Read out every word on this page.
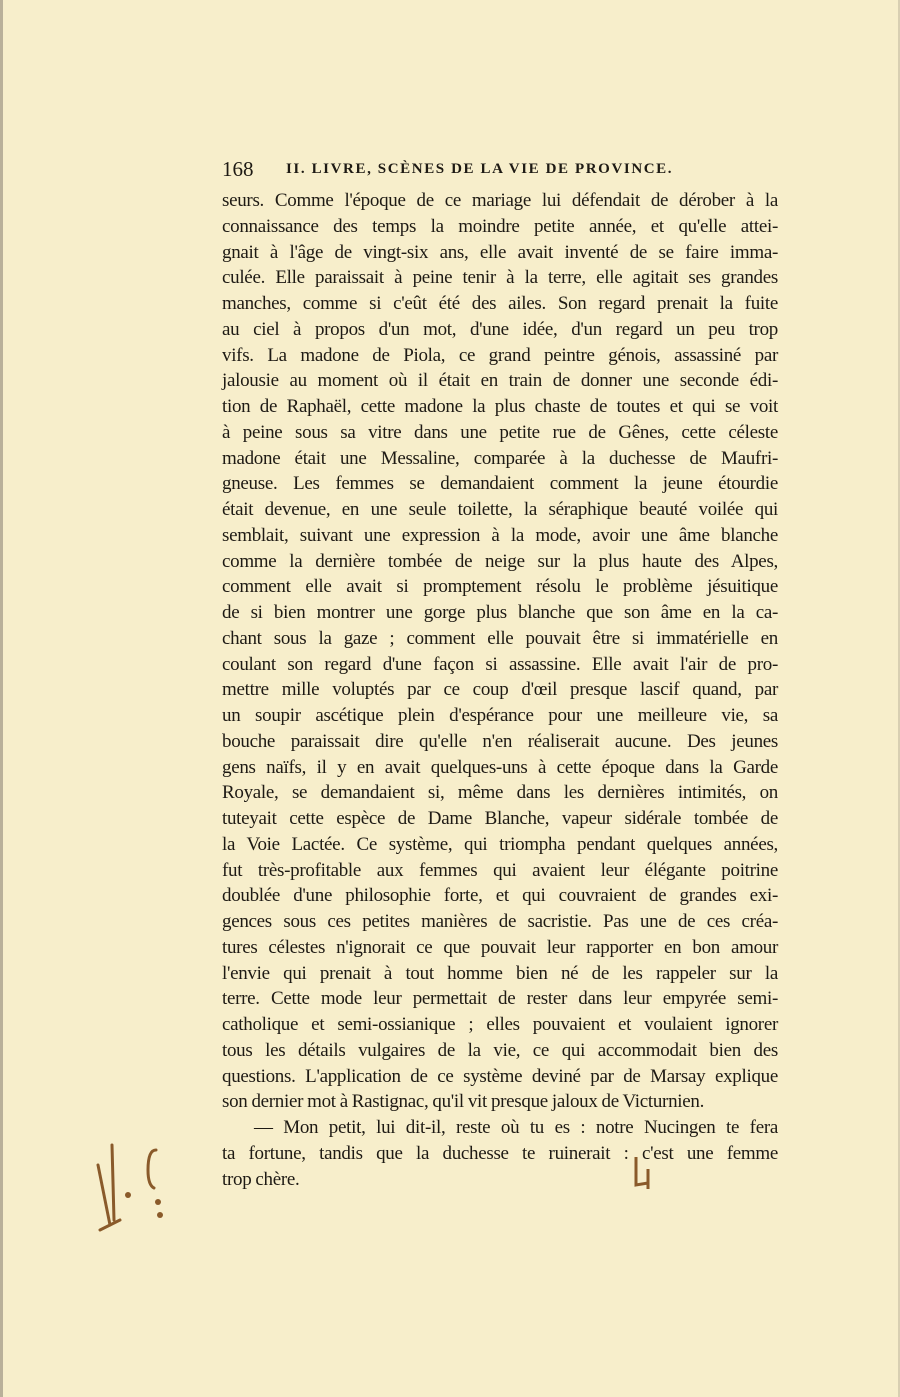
168 II. LIVRE, SCÈNES DE LA VIE DE PROVINCE.
seurs. Comme l'époque de ce mariage lui défendait de dérober à la
connaissance des temps la moindre petite année, et qu'elle attei-
gnait à l'âge de vingt-six ans, elle avait inventé de se faire imma-
culée. Elle paraissait à peine tenir à la terre, elle agitait ses grandes
manches, comme si c'eût été des ailes. Son regard prenait la fuite
au ciel à propos d'un mot, d'une idée, d'un regard un peu trop
vifs. La madone de Piola, ce grand peintre génois, assassiné par
jalousie au moment où il était en train de donner une seconde édi-
tion de Raphaël, cette madone la plus chaste de toutes et qui se voit
à peine sous sa vitre dans une petite rue de Gênes, cette céleste
madone était une Messaline, comparée à la duchesse de Maufri-
gneuse. Les femmes se demandaient comment la jeune étourdie
était devenue, en une seule toilette, la séraphique beauté voilée qui
semblait, suivant une expression à la mode, avoir une âme blanche
comme la dernière tombée de neige sur la plus haute des Alpes,
comment elle avait si promptement résolu le problème jésuitique
de si bien montrer une gorge plus blanche que son âme en la ca-
chant sous la gaze ; comment elle pouvait être si immatérielle en
coulant son regard d'une façon si assassine. Elle avait l'air de pro-
mettre mille voluptés par ce coup d'œil presque lascif quand, par
un soupir ascétique plein d'espérance pour une meilleure vie, sa
bouche paraissait dire qu'elle n'en réaliserait aucune. Des jeunes
gens naïfs, il y en avait quelques-uns à cette époque dans la Garde
Royale, se demandaient si, même dans les dernières intimités, on
tuteyait cette espèce de Dame Blanche, vapeur sidérale tombée de
la Voie Lactée. Ce système, qui triompha pendant quelques années,
fut très-profitable aux femmes qui avaient leur élégante poitrine
doublée d'une philosophie forte, et qui couvraient de grandes exi-
gences sous ces petites manières de sacristie. Pas une de ces créa-
tures célestes n'ignorait ce que pouvait leur rapporter en bon amour
l'envie qui prenait à tout homme bien né de les rappeler sur la
terre. Cette mode leur permettait de rester dans leur empyrée semi-
catholique et semi-ossianique ; elles pouvaient et voulaient ignorer
tous les détails vulgaires de la vie, ce qui accommodait bien des
questions. L'application de ce système deviné par de Marsay explique
son dernier mot à Rastignac, qu'il vit presque jaloux de Victurnien.
— Mon petit, lui dit-il, reste où tu es : notre Nucingen te fera
ta fortune, tandis que la duchesse te ruinerait : c'est une femme
trop chère.
